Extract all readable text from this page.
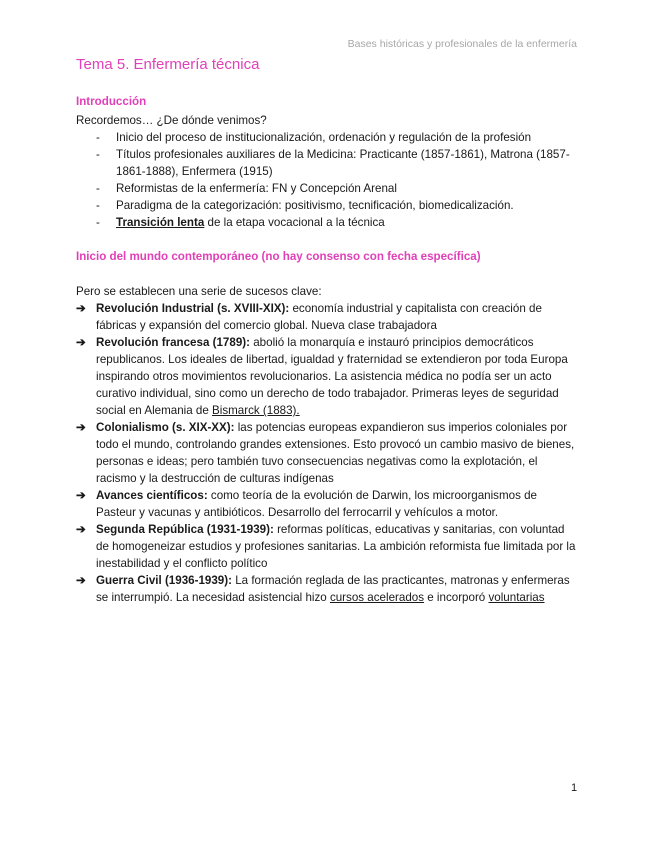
Bases históricas y profesionales de la enfermería
Tema 5. Enfermería técnica
Introducción

Recordemos… ¿De dónde venimos?

- Inicio del proceso de institucionalización, ordenación y regulación de la profesión
- Títulos profesionales auxiliares de la Medicina: Practicante (1857-1861), Matrona (1857-1861-1888), Enfermera (1915)
- Reformistas de la enfermería: FN y Concepción Arenal
- Paradigma de la categorización: positivismo, tecnificación, biomedicalización.
- Transición lenta de la etapa vocacional a la técnica
Inicio del mundo contemporáneo (no hay consenso con fecha específica)

Pero se establecen una serie de sucesos clave:

➔ Revolución Industrial (s. XVIII-XIX): economía industrial y capitalista con creación de fábricas y expansión del comercio global. Nueva clase trabajadora
➔ Revolución francesa (1789): abolió la monarquía e instauró principios democráticos republicanos. Los ideales de libertad, igualdad y fraternidad se extendieron por toda Europa inspirando otros movimientos revolucionarios. La asistencia médica no podía ser un acto curativo individual, sino como un derecho de todo trabajador. Primeras leyes de seguridad social en Alemania de Bismarck (1883).
➔ Colonialismo (s. XIX-XX): las potencias europeas expandieron sus imperios coloniales por todo el mundo, controlando grandes extensiones. Esto provocó un cambio masivo de bienes, personas e ideas; pero también tuvo consecuencias negativas como la explotación, el racismo y la destrucción de culturas indígenas
➔ Avances científicos: como teoría de la evolución de Darwin, los microorganismos de Pasteur y vacunas y antibióticos. Desarrollo del ferrocarril y vehículos a motor.
➔ Segunda República (1931-1939): reformas políticas, educativas y sanitarias, con voluntad de homogeneizar estudios y profesiones sanitarias. La ambición reformista fue limitada por la inestabilidad y el conflicto político
➔ Guerra Civil (1936-1939): La formación reglada de las practicantes, matronas y enfermeras se interrumpió. La necesidad asistencial hizo cursos acelerados e incorporó voluntarias
1
